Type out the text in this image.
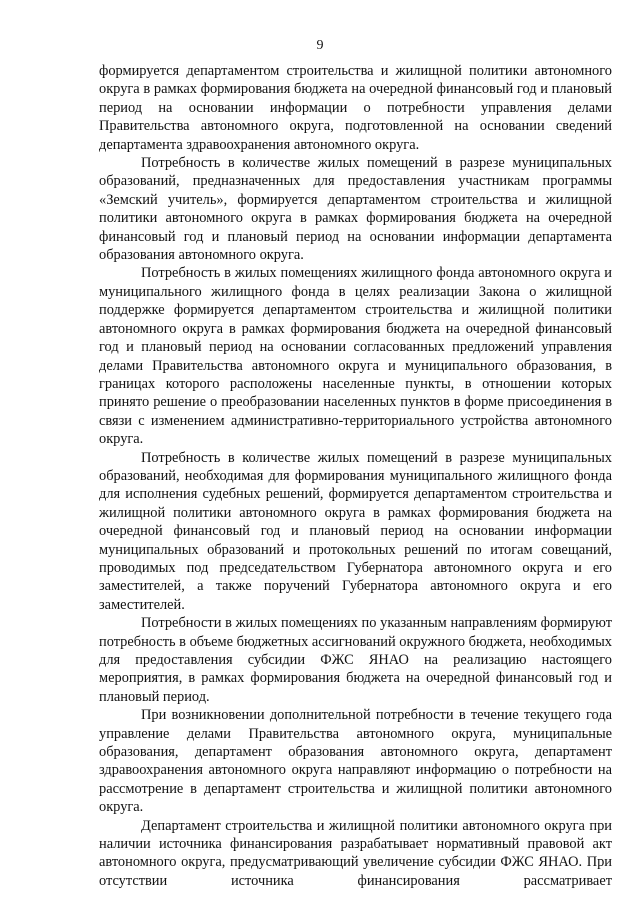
9

формируется департаментом строительства и жилищной политики автономного округа в рамках формирования бюджета на очередной финансовый год и плановый период на основании информации о потребности управления делами Правительства автономного округа, подготовленной на основании сведений департамента здравоохранения автономного округа.

Потребность в количестве жилых помещений в разрезе муниципальных образований, предназначенных для предоставления участникам программы «Земский учитель», формируется департаментом строительства и жилищной политики автономного округа в рамках формирования бюджета на очередной финансовый год и плановый период на основании информации департамента образования автономного округа.

Потребность в жилых помещениях жилищного фонда автономного округа и муниципального жилищного фонда в целях реализации Закона о жилищной поддержке формируется департаментом строительства и жилищной политики автономного округа в рамках формирования бюджета на очередной финансовый год и плановый период на основании согласованных предложений управления делами Правительства автономного округа и муниципального образования, в границах которого расположены населенные пункты, в отношении которых принято решение о преобразовании населенных пунктов в форме присоединения в связи с изменением административно-территориального устройства автономного округа.

Потребность в количестве жилых помещений в разрезе муниципальных образований, необходимая для формирования муниципального жилищного фонда для исполнения судебных решений, формируется департаментом строительства и жилищной политики автономного округа в рамках формирования бюджета на очередной финансовый год и плановый период на основании информации муниципальных образований и протокольных решений по итогам совещаний, проводимых под председательством Губернатора автономного округа и его заместителей, а также поручений Губернатора автономного округа и его заместителей.

Потребности в жилых помещениях по указанным направлениям формируют потребность в объеме бюджетных ассигнований окружного бюджета, необходимых для предоставления субсидии ФЖС ЯНАО на реализацию настоящего мероприятия, в рамках формирования бюджета на очередной финансовый год и плановый период.

При возникновении дополнительной потребности в течение текущего года управление делами Правительства автономного округа, муниципальные образования, департамент образования автономного округа, департамент здравоохранения автономного округа направляют информацию о потребности на рассмотрение в департамент строительства и жилищной политики автономного округа.

Департамент строительства и жилищной политики автономного округа при наличии источника финансирования разрабатывает нормативный правовой акт автономного округа, предусматривающий увеличение субсидии ФЖС ЯНАО. При отсутствии источника финансирования рассматривает
